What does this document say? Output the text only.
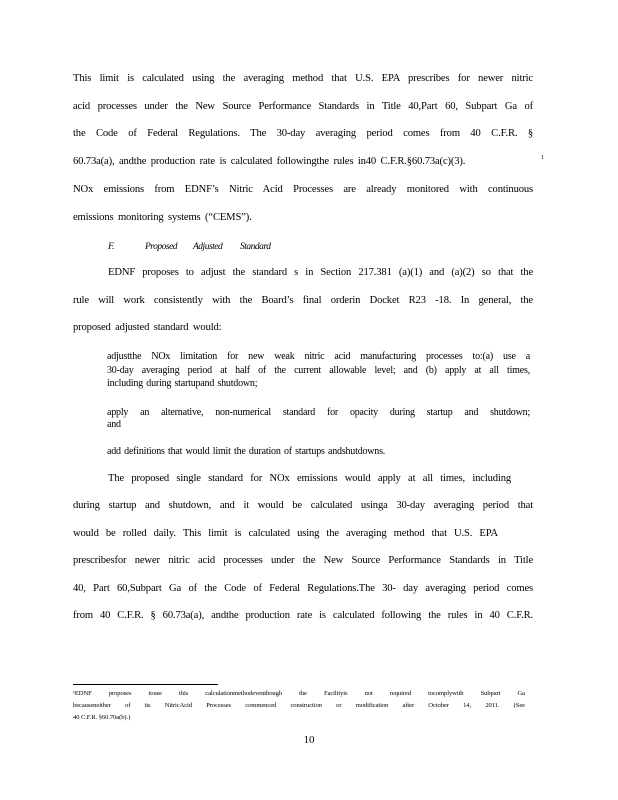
This limit is calculated using the averaging method that U.S. EPA prescribes for newer nitric
acid processes under the New Source Performance Standards in Title 40,Part 60, Subpart Ga of
the Code of Federal Regulations. The 30-day averaging period comes from 40 C.F.R. §
60.73a(a), andthe production rate is calculated followingthe rules in40 C.F.R.§60.73a(c)(3).	1
NOx emissions from EDNF’s Nitric Acid Processes are already monitored with continuous
emissions monitoring systems (“CEMS”).
F.	Proposed Adjusted Standard
EDNF proposes to adjust the standard s in Section 217.381 (a)(1) and (a)(2) so that the
rule will work consistently with the Board’s final orderin Docket R23 -18. In general, the
proposed adjusted standard would:
adjustthe NOx limitation for new weak nitric acid manufacturing processes to:(a) use a
30-day averaging period at half of the current allowable level; and (b) apply at all times,
including during startupand shutdown;
apply an alternative, non-numerical standard for opacity during startup and shutdown;
and
add definitions that would limit the duration of startups andshutdowns.
The proposed single standard for NOx emissions would apply at all times, including
during startup and shutdown, and it would be calculated usinga 30-day averaging period that
would be rolled daily. This limit is calculated using the averaging method that U.S. EPA
prescribesfor newer nitric acid processes under the New Source Performance Standards in Title
40, Part 60,Subpart Ga of the Code of Federal Regulations.The 30- day averaging period comes
from 40 C.F.R. § 60.73a(a), andthe production rate is calculated following the rules in 40 C.F.R.
¹EDNF proposes touse this calculationmethodeventhough the Facilityis not required tocomplywith Subpart Ga
becauseneither of its NitricAcid Processes commenced construction or modification after October 14, 2011. (See
40 C.F.R. §60.70a(b).)
10
